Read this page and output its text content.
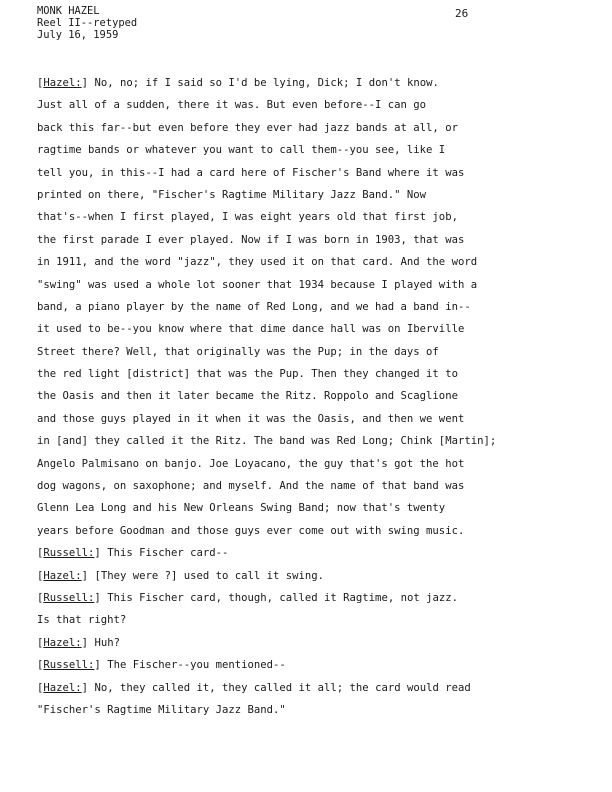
MONK HAZEL
Reel II--retyped
July 16, 1959
26
[Hazel:] No, no; if I said so I'd be lying, Dick; I don't know.
Just all of a sudden, there it was. But even before--I can go
back this far--but even before they ever had jazz bands at all, or
ragtime bands or whatever you want to call them--you see, like I
tell you, in this--I had a card here of Fischer's Band where it was
printed on there, "Fischer's Ragtime Military Jazz Band." Now
that's--when I first played, I was eight years old that first job,
the first parade I ever played. Now if I was born in 1903, that was
in 1911, and the word "jazz", they used it on that card. And the word
"swing" was used a whole lot sooner that 1934 because I played with a
band, a piano player by the name of Red Long, and we had a band in--
it used to be--you know where that dime dance hall was on Iberville
Street there? Well, that originally was the Pup; in the days of
the red light [district] that was the Pup. Then they changed it to
the Oasis and then it later became the Ritz. Roppolo and Scaglione
and those guys played in it when it was the Oasis, and then we went
in [and] they called it the Ritz. The band was Red Long; Chink [Martin];
Angelo Palmisano on banjo. Joe Loyacano, the guy that's got the hot
dog wagons, on saxophone; and myself. And the name of that band was
Glenn Lea Long and his New Orleans Swing Band; now that's twenty
years before Goodman and those guys ever come out with swing music.
[Russell:] This Fischer card--
[Hazel:] [They were ?] used to call it swing.
[Russell:] This Fischer card, though, called it Ragtime, not jazz.
Is that right?
[Hazel:] Huh?
[Russell:] The Fischer--you mentioned--
[Hazel:] No, they called it, they called it all; the card would read
"Fischer's Ragtime Military Jazz Band."
